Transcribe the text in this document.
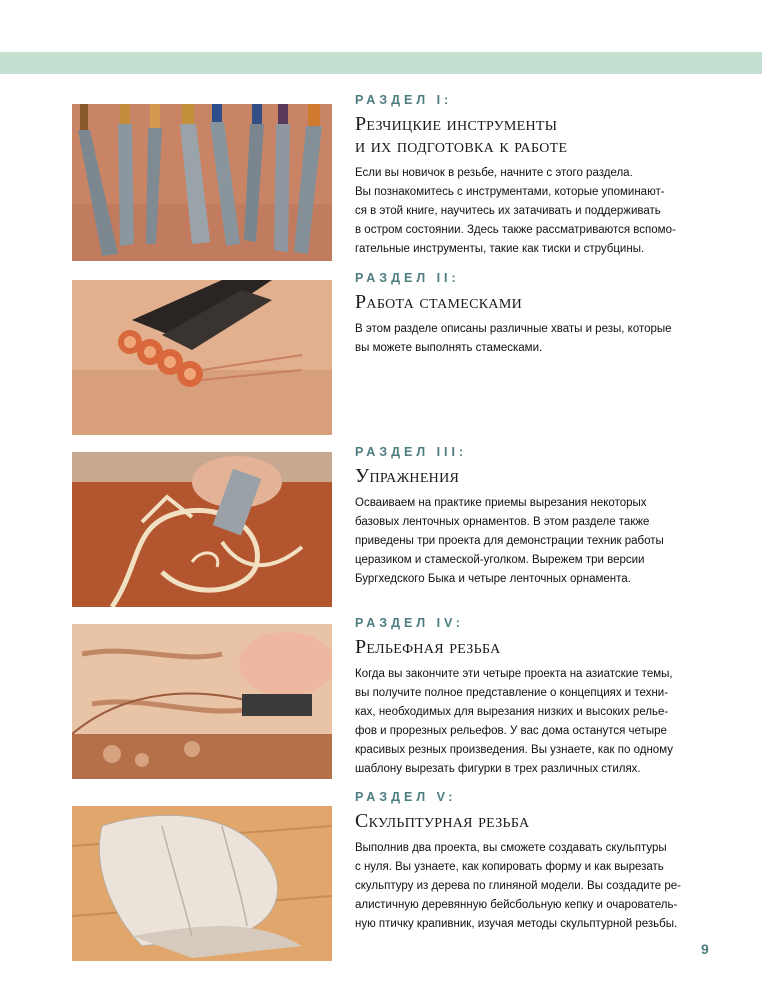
РАЗДЕЛ I:
Резчицкие инструменты
и их подготовка к работе
Если вы новичок в резьбе, начните с этого раздела.
Вы познакомитесь с инструментами, которые упоминают-
ся в этой книге, научитесь их затачивать и поддерживать
в остром состоянии. Здесь также рассматриваются вспомо-
гательные инструменты, такие как тиски и струбцины.
РАЗДЕЛ II:
Работа стамесками
В этом разделе описаны различные хваты и резы, которые
вы можете выполнять стамесками.
РАЗДЕЛ III:
Упражнения
Осваиваем на практике приемы вырезания некоторых
базовых ленточных орнаментов. В этом разделе также
приведены три проекта для демонстрации техник работы
церазиком и стамеской-уголком. Вырежем три версии
Бургхедского Быка и четыре ленточных орнамента.
РАЗДЕЛ IV:
Рельефная резьба
Когда вы закончите эти четыре проекта на азиатские темы,
вы получите полное представление о концепциях и техни-
ках, необходимых для вырезания низких и высоких релье-
фов и прорезных рельефов. У вас дома останутся четыре
красивых резных произведения. Вы узнаете, как по одному
шаблону вырезать фигурки в трех различных стилях.
РАЗДЕЛ V:
Скульптурная резьба
Выполнив два проекта, вы сможете создавать скульптуры
с нуля. Вы узнаете, как копировать форму и как вырезать
скульптуру из дерева по глиняной модели. Вы создадите ре-
алистичную деревянную бейсбольную кепку и очарователь-
ную птичку крапивник, изучая методы скульптурной резьбы.
9
